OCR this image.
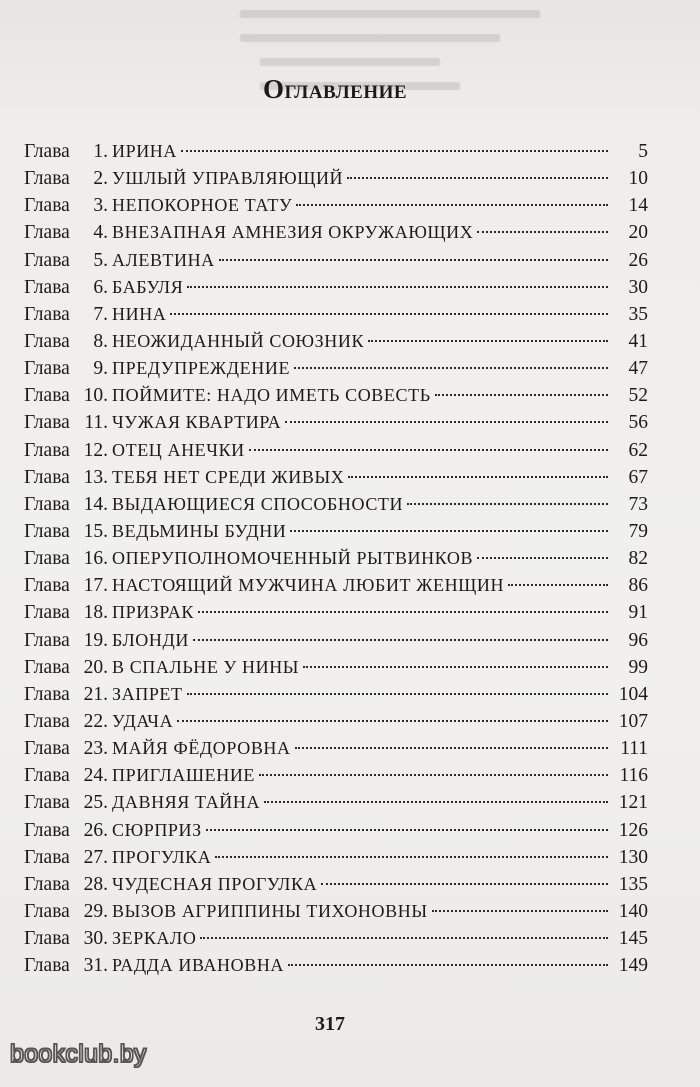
Оглавление
Глава	1. ИРИНА	5
Глава	2. УШЛЫЙ УПРАВЛЯЮЩИЙ	10
Глава	3. НЕПОКОРНОЕ ТАТУ	14
Глава	4. ВНЕЗАПНАЯ АМНЕЗИЯ ОКРУЖАЮЩИХ	20
Глава	5. АЛЕВТИНА	26
Глава	6. БАБУЛЯ	30
Глава	7. НИНА	35
Глава	8. НЕОЖИДАННЫЙ СОЮЗНИК	41
Глава	9. ПРЕДУПРЕЖДЕНИЕ	47
Глава 10. ПОЙМИТЕ: НАДО ИМЕТЬ СОВЕСТЬ	52
Глава 11. ЧУЖАЯ КВАРТИРА	56
Глава 12. ОТЕЦ АНЕЧКИ	62
Глава 13. ТЕБЯ НЕТ СРЕДИ ЖИВЫХ	67
Глава 14. ВЫДАЮЩИЕСЯ СПОСОБНОСТИ	73
Глава 15. ВЕДЬМИНЫ БУДНИ	79
Глава 16. ОПЕРУПОЛНОМОЧЕННЫЙ РЫТВИНКОВ	82
Глава 17. НАСТОЯЩИЙ МУЖЧИНА ЛЮБИТ ЖЕНЩИН	86
Глава 18. ПРИЗРАК	91
Глава 19. БЛОНДИ	96
Глава 20. В СПАЛЬНЕ У НИНЫ	99
Глава 21. ЗАПРЕТ	104
Глава 22. УДАЧА	107
Глава 23. МАЙЯ ФЁДОРОВНА	111
Глава 24. ПРИГЛАШЕНИЕ	116
Глава 25. ДАВНЯЯ ТАЙНА	121
Глава 26. СЮРПРИЗ	126
Глава 27. ПРОГУЛКА	130
Глава 28. ЧУДЕСНАЯ ПРОГУЛКА	135
Глава 29. ВЫЗОВ АГРИППИНЫ ТИХОНОВНЫ	140
Глава 30. ЗЕРКАЛО	145
Глава 31. РАДДА ИВАНОВНА	149
317
bookclub.by
